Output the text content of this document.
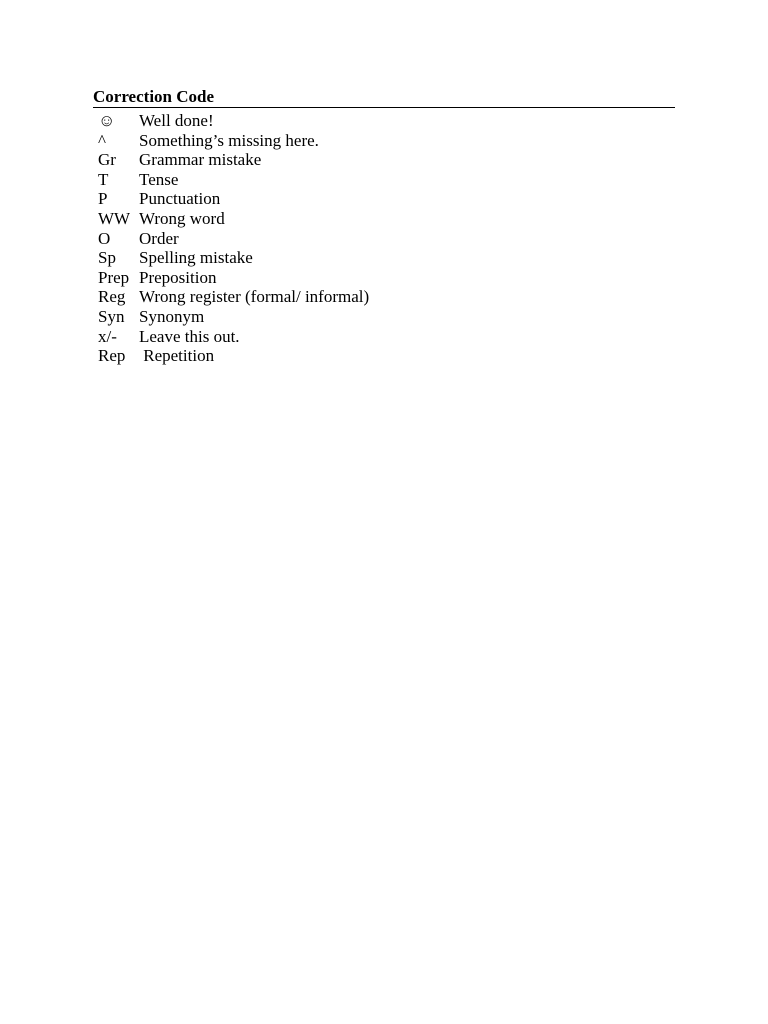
Correction Code
☺	Well done!
^	Something’s missing here.
Gr	Grammar mistake
T	Tense
P	Punctuation
WW	Wrong word
O	Order
Sp	Spelling mistake
Prep	Preposition
Reg	Wrong register (formal/ informal)
Syn	Synonym
x/-	Leave this out.
Rep	Repetition
